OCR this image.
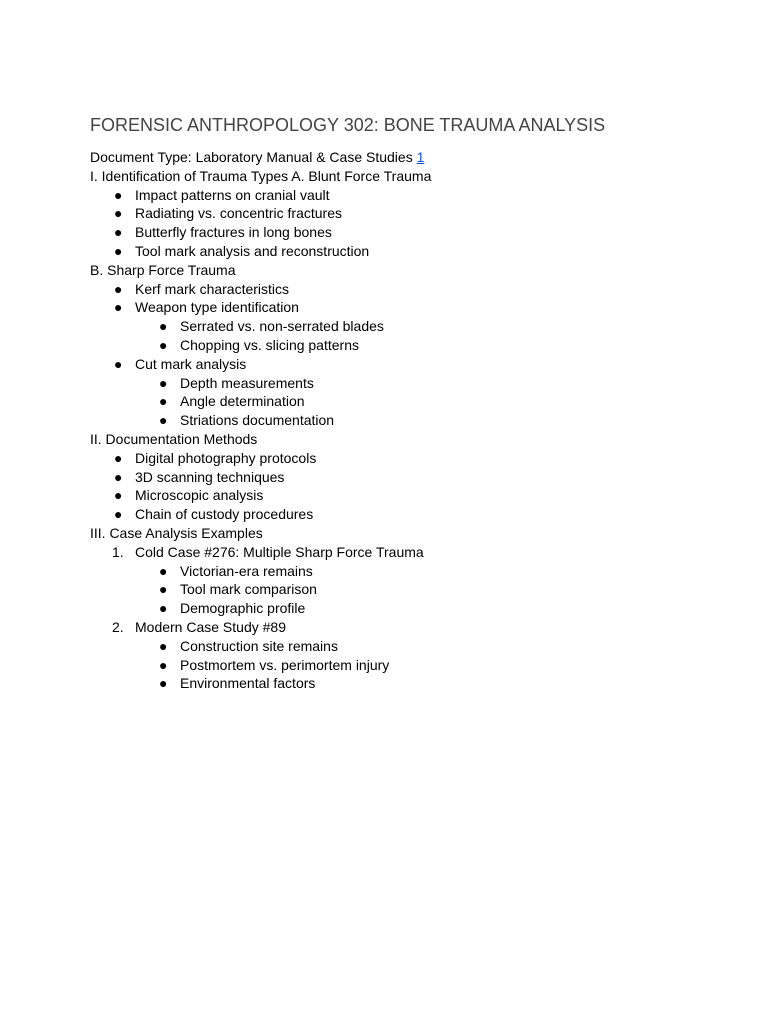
FORENSIC ANTHROPOLOGY 302: BONE TRAUMA ANALYSIS
Document Type: Laboratory Manual & Case Studies 1
I. Identification of Trauma Types A. Blunt Force Trauma
● Impact patterns on cranial vault
● Radiating vs. concentric fractures
● Butterfly fractures in long bones
● Tool mark analysis and reconstruction
B. Sharp Force Trauma
● Kerf mark characteristics
● Weapon type identification
● Serrated vs. non-serrated blades
● Chopping vs. slicing patterns
● Cut mark analysis
● Depth measurements
● Angle determination
● Striations documentation
II. Documentation Methods
● Digital photography protocols
● 3D scanning techniques
● Microscopic analysis
● Chain of custody procedures
III. Case Analysis Examples
1. Cold Case #276: Multiple Sharp Force Trauma
● Victorian-era remains
● Tool mark comparison
● Demographic profile
2. Modern Case Study #89
● Construction site remains
● Postmortem vs. perimortem injury
● Environmental factors
